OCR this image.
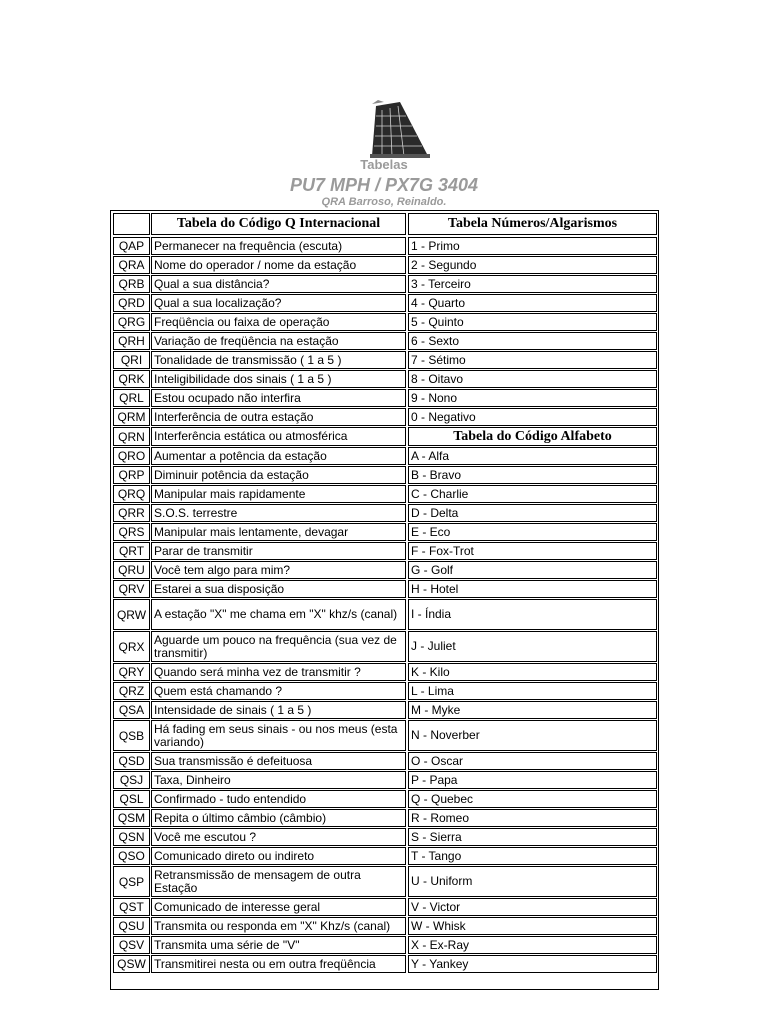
Tabelas
PU7 MPH / PX7G 3404
QRA Barroso, Reinaldo.
Tabela do Código Q Internacional	Tabela Números/Algarismos
QAP Permanecer na frequência (escuta)	1 - Primo
QRA Nome do operador / nome da estação	2 - Segundo
QRB Qual a sua distância?	3 - Terceiro
QRD Qual a sua localização?	4 - Quarto
QRG Freqüência ou faixa de operação	5 - Quinto
QRH Variação de freqüência na estação	6 - Sexto
QRI Tonalidade de transmissão ( 1 a 5 )	7 - Sétimo
QRK Inteligibilidade dos sinais ( 1 a 5 )	8 - Oitavo
QRL Estou ocupado não interfira	9 - Nono
QRM Interferência de outra estação	0 - Negativo
QRN Interferência estática ou atmosférica	Tabela do Código Alfabeto
QRO Aumentar a potência da estação	A - Alfa
QRP Diminuir potência da estação	B - Bravo
QRQ Manipular mais rapidamente	C - Charlie
QRR S.O.S. terrestre	D - Delta
QRS Manipular mais lentamente, devagar	E - Eco
QRT Parar de transmitir	F - Fox-Trot
QRU Você tem algo para mim?	G - Golf
QRV Estarei a sua disposição	H - Hotel
QRW A estação "X" me chama em "X" khz/s (canal)	I - Índia
QRX Aguarde um pouco na frequência (sua vez de transmitir)	J - Juliet
QRY Quando será minha vez de transmitir ?	K - Kilo
QRZ Quem está chamando ?	L - Lima
QSA Intensidade de sinais ( 1 a 5 )	M - Myke
QSB Há fading em seus sinais - ou nos meus (esta variando)	N - Noverber
QSD Sua transmissão é defeituosa	O - Oscar
QSJ Taxa, Dinheiro	P - Papa
QSL Confirmado - tudo entendido	Q - Quebec
QSM Repita o último câmbio (câmbio)	R - Romeo
QSN Você me escutou ?	S - Sierra
QSO Comunicado direto ou indireto	T - Tango
QSP Retransmissão de mensagem de outra Estação	U - Uniform
QST Comunicado de interesse geral	V - Victor
QSU Transmita ou responda em "X" Khz/s (canal)	W - Whisk
QSV Transmita uma série de "V"	X - Ex-Ray
QSW Transmitirei nesta ou em outra freqüência	Y - Yankey
